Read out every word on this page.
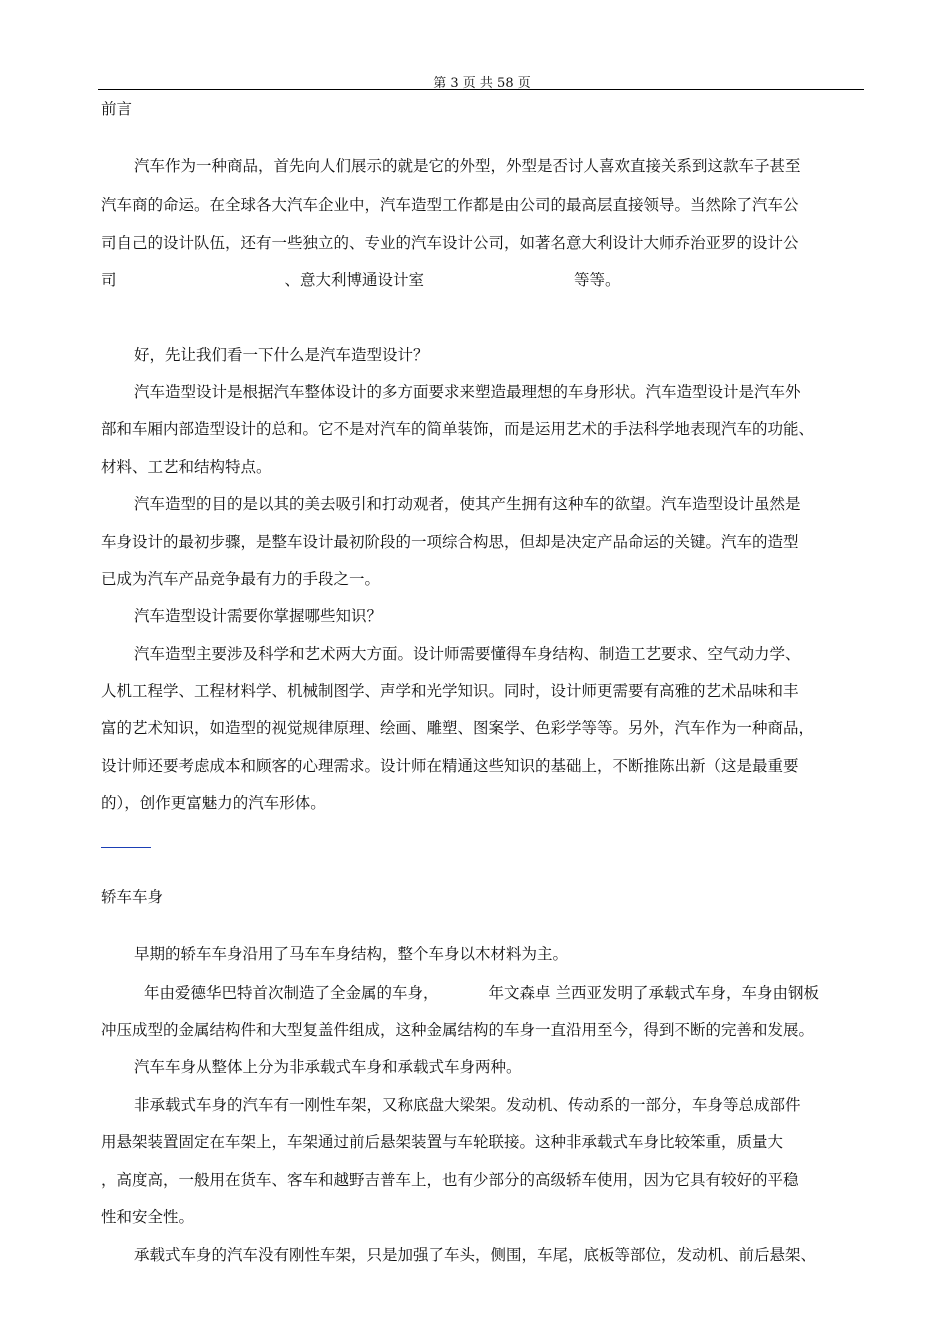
第 3 页 共 58 页
前言
汽车作为一种商品，首先向人们展示的就是它的外型，外型是否讨人喜欢直接关系到这款车子甚至
汽车商的命运。在全球各大汽车企业中，汽车造型工作都是由公司的最高层直接领导。当然除了汽车公
司自己的设计队伍，还有一些独立的、专业的汽车设计公司，如著名意大利设计大师乔治亚罗的设计公
司	、意大利博通设计室	等等。
好，先让我们看一下什么是汽车造型设计？
汽车造型设计是根据汽车整体设计的多方面要求来塑造最理想的车身形状。汽车造型设计是汽车外
部和车厢内部造型设计的总和。它不是对汽车的简单装饰，而是运用艺术的手法科学地表现汽车的功能、
材料、工艺和结构特点。
汽车造型的目的是以其的美去吸引和打动观者，使其产生拥有这种车的欲望。汽车造型设计虽然是
车身设计的最初步骤，是整车设计最初阶段的一项综合构思，但却是决定产品命运的关键。汽车的造型
已成为汽车产品竞争最有力的手段之一。
汽车造型设计需要你掌握哪些知识？
汽车造型主要涉及科学和艺术两大方面。设计师需要懂得车身结构、制造工艺要求、空气动力学、
人机工程学、工程材料学、机械制图学、声学和光学知识。同时，设计师更需要有高雅的艺术品味和丰
富的艺术知识，如造型的视觉规律原理、绘画、雕塑、图案学、色彩学等等。另外，汽车作为一种商品，
设计师还要考虑成本和顾客的心理需求。设计师在精通这些知识的基础上，不断推陈出新（这是最重要
的），创作更富魅力的汽车形体。
轿车车身
早期的轿车车身沿用了马车车身结构，整个车身以木材料为主。
年由爱德华巴特首次制造了全金属的车身，	年文森卓 兰西亚发明了承载式车身，车身由钢板
冲压成型的金属结构件和大型复盖件组成，这种金属结构的车身一直沿用至今，得到不断的完善和发展。
汽车车身从整体上分为非承载式车身和承载式车身两种。
非承载式车身的汽车有一刚性车架，又称底盘大梁架。发动机、传动系的一部分，车身等总成部件
用悬架装置固定在车架上，车架通过前后悬架装置与车轮联接。这种非承载式车身比较笨重，质量大
，高度高，一般用在货车、客车和越野吉普车上，也有少部分的高级轿车使用，因为它具有较好的平稳
性和安全性。
承载式车身的汽车没有刚性车架，只是加强了车头，侧围，车尾，底板等部位，发动机、前后悬架、
